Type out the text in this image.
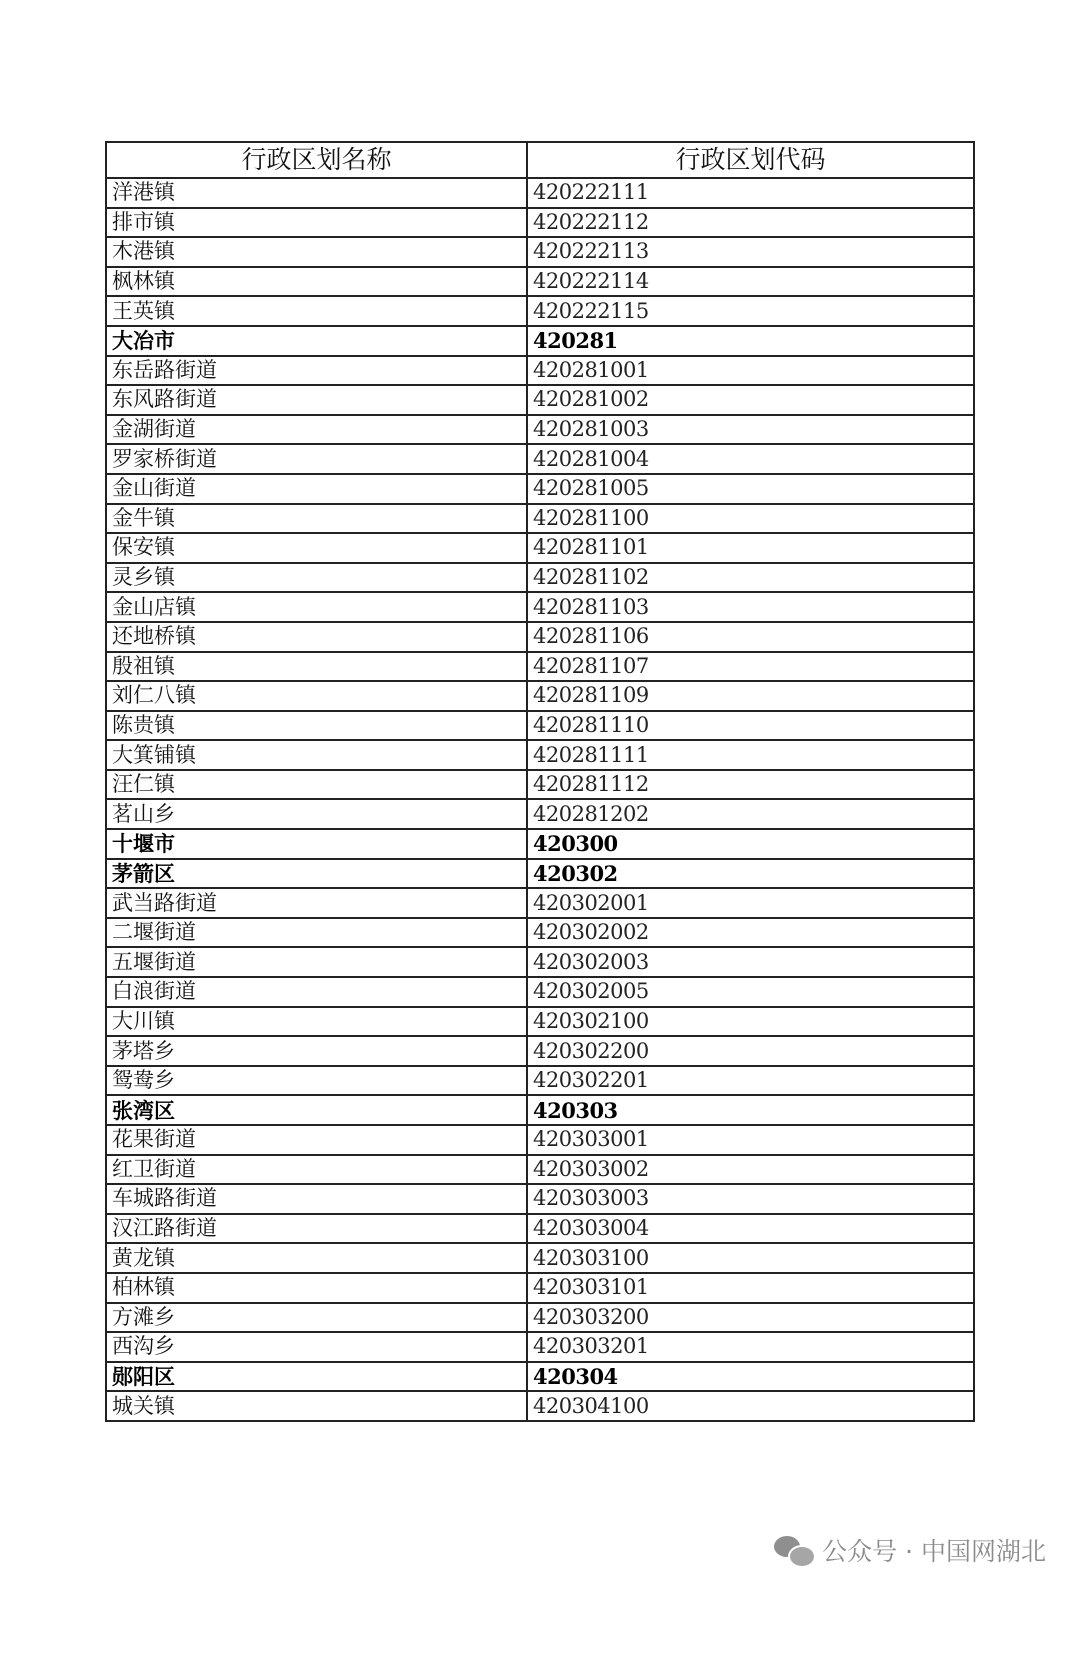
行政区划名称	行政区划代码
洋港镇	420222111
排市镇	420222112
木港镇	420222113
枫林镇	420222114
王英镇	420222115
大冶市	420281
东岳路街道	420281001
东风路街道	420281002
金湖街道	420281003
罗家桥街道	420281004
金山街道	420281005
金牛镇	420281100
保安镇	420281101
灵乡镇	420281102
金山店镇	420281103
还地桥镇	420281106
殷祖镇	420281107
刘仁八镇	420281109
陈贵镇	420281110
大箕铺镇	420281111
汪仁镇	420281112
茗山乡	420281202
十堰市	420300
茅箭区	420302
武当路街道	420302001
二堰街道	420302002
五堰街道	420302003
白浪街道	420302005
大川镇	420302100
茅塔乡	420302200
鸳鸯乡	420302201
张湾区	420303
花果街道	420303001
红卫街道	420303002
车城路街道	420303003
汉江路街道	420303004
黄龙镇	420303100
柏林镇	420303101
方滩乡	420303200
西沟乡	420303201
郧阳区	420304
城关镇	420304100
公众号 · 中国网湖北
